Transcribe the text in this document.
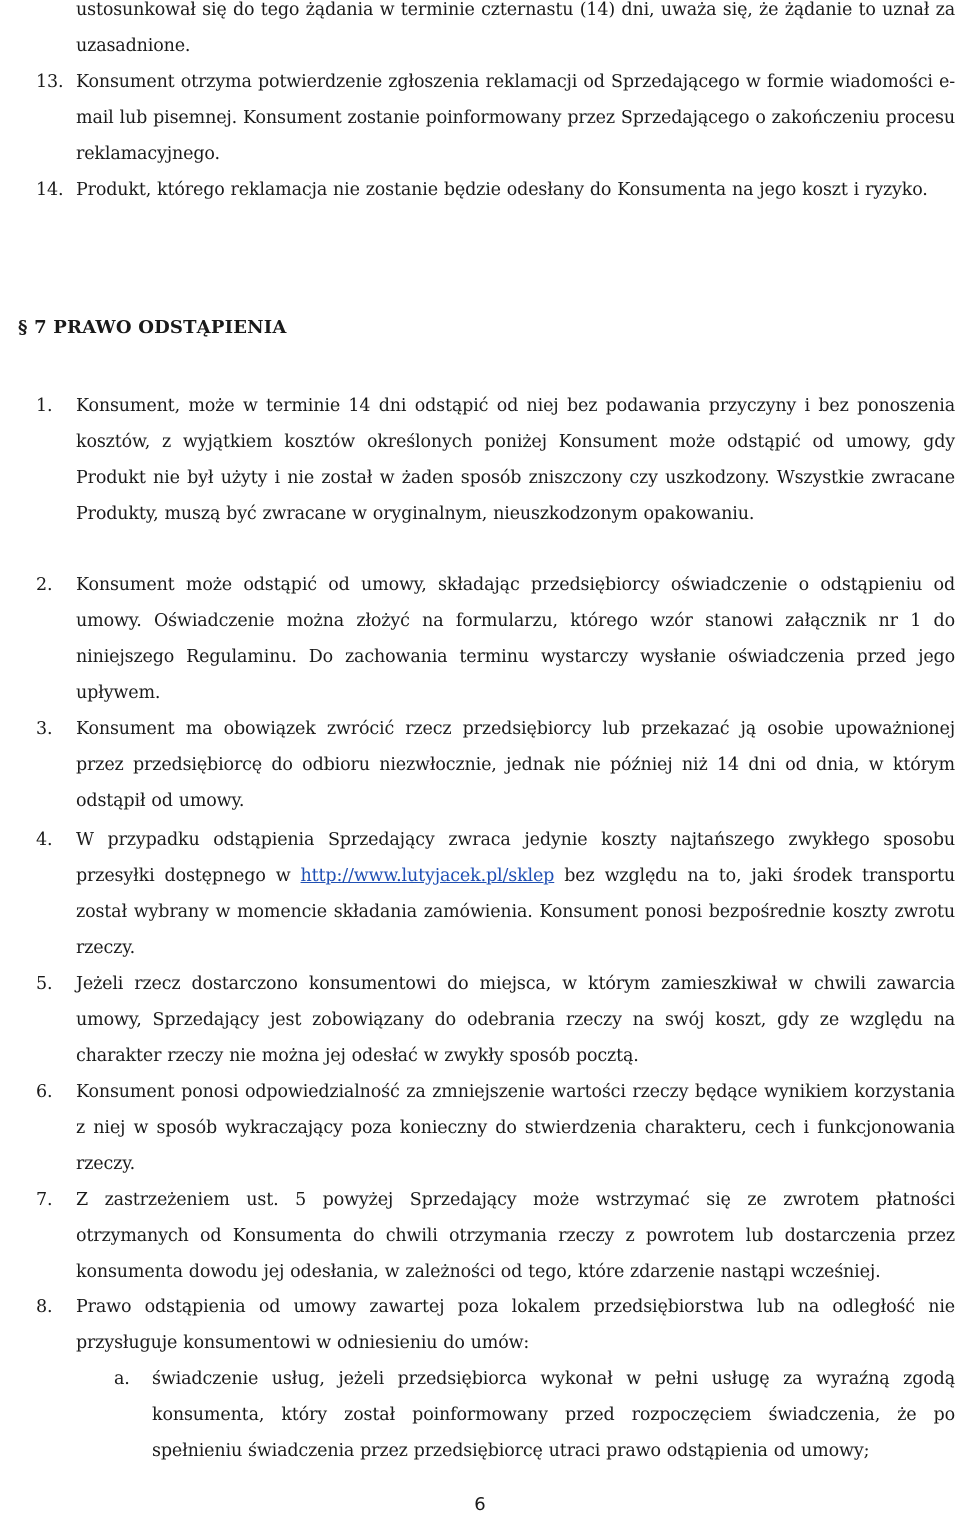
ustosunkował się do tego żądania w terminie czternastu (14) dni, uważa się, że żądanie to uznał za uzasadnione.
13. Konsument otrzyma potwierdzenie zgłoszenia reklamacji od Sprzedającego w formie wiadomości e-mail lub pisemnej. Konsument zostanie poinformowany przez Sprzedającego o zakończeniu procesu reklamacyjnego.
14. Produkt, którego reklamacja nie zostanie będzie odesłany do Konsumenta na jego koszt i ryzyko.
§ 7 PRAWO ODSTĄPIENIA
1.	Konsument, może w terminie 14 dni odstąpić od niej bez podawania przyczyny i bez ponoszenia kosztów, z wyjątkiem kosztów określonych poniżej Konsument może odstąpić od umowy, gdy Produkt nie był użyty i nie został w żaden sposób zniszczony czy uszkodzony. Wszystkie zwracane Produkty, muszą być zwracane w oryginalnym, nieuszkodzonym opakowaniu.
2.	Konsument może odstąpić od umowy, składając przedsiębiorcy oświadczenie o odstąpieniu od umowy. Oświadczenie można złożyć na formularzu, którego wzór stanowi załącznik nr 1 do niniejszego Regulaminu. Do zachowania terminu wystarczy wysłanie oświadczenia przed jego upływem.
3.	Konsument ma obowiązek zwrócić rzecz przedsiębiorcy lub przekazać ją osobie upoważnionej przez przedsiębiorcę do odbioru niezwłocznie, jednak nie później niż 14 dni od dnia, w którym odstąpił od umowy.
4.	W przypadku odstąpienia Sprzedający zwraca jedynie koszty najtańszego zwykłego sposobu przesyłki dostępnego w http://www.lutyjacek.pl/sklep bez względu na to, jaki środek transportu został wybrany w momencie składania zamówienia. Konsument ponosi bezpośrednie koszty zwrotu rzeczy.
5.	Jeżeli rzecz dostarczono konsumentowi do miejsca, w którym zamieszkiwał w chwili zawarcia umowy, Sprzedający jest zobowiązany do odebrania rzeczy na swój koszt, gdy ze względu na charakter rzeczy nie można jej odesłać w zwykły sposób pocztą.
6.	Konsument ponosi odpowiedzialność za zmniejszenie wartości rzeczy będące wynikiem korzystania z niej w sposób wykraczający poza konieczny do stwierdzenia charakteru, cech i funkcjonowania rzeczy.
7.	Z zastrzeżeniem ust. 5 powyżej Sprzedający może wstrzymać się ze zwrotem płatności otrzymanych od Konsumenta do chwili otrzymania rzeczy z powrotem lub dostarczenia przez konsumenta dowodu jej odesłania, w zależności od tego, które zdarzenie nastąpi wcześniej.
8.	Prawo odstąpienia od umowy zawartej poza lokalem przedsiębiorstwa lub na odległość nie przysługuje konsumentowi w odniesieniu do umów:
a. świadczenie usług, jeżeli przedsiębiorca wykonał w pełni usługę za wyraźną zgodą konsumenta, który został poinformowany przed rozpoczęciem świadczenia, że po spełnieniu świadczenia przez przedsiębiorcę utraci prawo odstąpienia od umowy;
6
